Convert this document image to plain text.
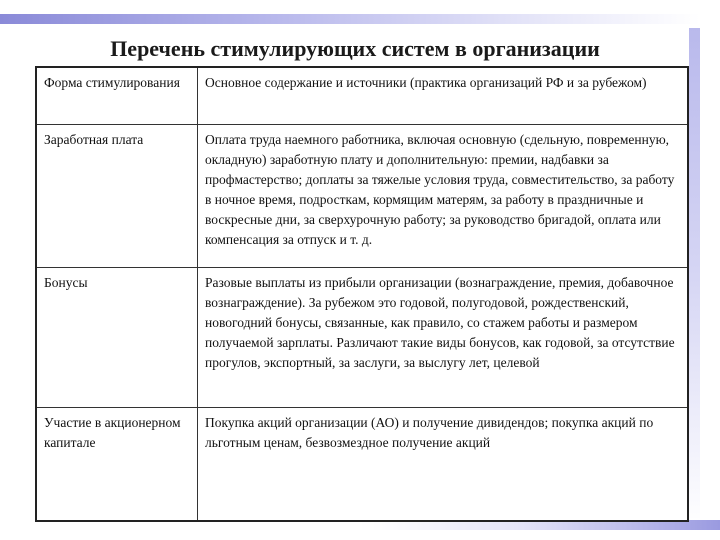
Перечень стимулирующих систем в организации
Форма стимулирования	Основное содержание и источники (практика организаций РФ и за рубежом)
Заработная плата	Оплата труда наемного работника, включая основную (сдельную, повременную, окладную) заработную плату и дополнительную: премии, надбавки за профмастерство; доплаты за тяжелые условия труда, совместительство, за работу в ночное время, подросткам, кормящим матерям, за работу в праздничные и воскресные дни, за сверхурочную работу; за руководство бригадой, оплата или компенсация за отпуск и т. д.
Бонусы	Разовые выплаты из прибыли организации (вознаграждение, премия, добавочное вознаграждение). За рубежом это годовой, полугодовой, рождественский, новогодний бонусы, связанные, как правило, со стажем работы и размером получаемой зарплаты. Различают такие виды бонусов, как годовой, за отсутствие прогулов, экспортный, за заслуги, за выслугу лет, целевой
Участие в акционерном капитале	Покупка акций организации (АО) и получение дивидендов; покупка акций по льготным ценам, безвозмездное получение акций
